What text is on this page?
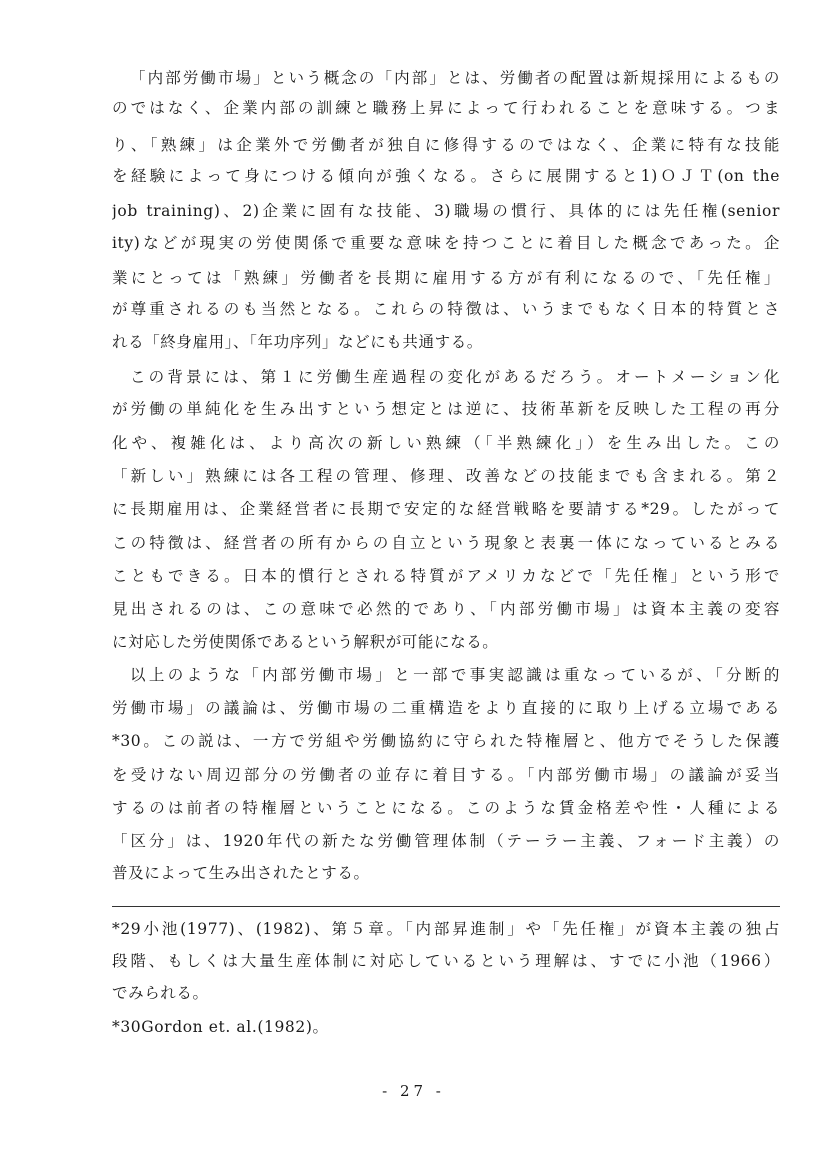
「内部労働市場」という概念の「内部」とは、労働者の配置は新規採用によるもの
のではなく、企業内部の訓練と職務上昇によって行われることを意味する。つま
り、「熟練」は企業外で労働者が独自に修得するのではなく、企業に特有な技能
を経験によって身につける傾向が強くなる。さらに展開すると1)ＯＪＴ(on the
job training)、2)企業に固有な技能、3)職場の慣行、具体的には先任権(senior
ity)などが現実の労使関係で重要な意味を持つことに着目した概念であった。企
業にとっては「熟練」労働者を長期に雇用する方が有利になるので、「先任権」
が尊重されるのも当然となる。これらの特徴は、いうまでもなく日本的特質とさ
れる「終身雇用」、「年功序列」などにも共通する。
この背景には、第１に労働生産過程の変化があるだろう。オートメーション化
が労働の単純化を生み出すという想定とは逆に、技術革新を反映した工程の再分
化や、複雑化は、より高次の新しい熟練（「半熟練化」）を生み出した。この
「新しい」熟練には各工程の管理、修理、改善などの技能までも含まれる。第２
に長期雇用は、企業経営者に長期で安定的な経営戦略を要請する*29。したがって
この特徴は、経営者の所有からの自立という現象と表裏一体になっているとみる
こともできる。日本的慣行とされる特質がアメリカなどで「先任権」という形で
見出されるのは、この意味で必然的であり、「内部労働市場」は資本主義の変容
に対応した労使関係であるという解釈が可能になる。
以上のような「内部労働市場」と一部で事実認識は重なっているが、「分断的
労働市場」の議論は、労働市場の二重構造をより直接的に取り上げる立場である
*30。この説は、一方で労組や労働協約に守られた特権層と、他方でそうした保護
を受けない周辺部分の労働者の並存に着目する。「内部労働市場」の議論が妥当
するのは前者の特権層ということになる。このような賃金格差や性・人種による
「区分」は、1920年代の新たな労働管理体制（テーラー主義、フォード主義）の
普及によって生み出されたとする。
*29小池(1977)、(1982)、第５章。「内部昇進制」や「先任権」が資本主義の独占
段階、もしくは大量生産体制に対応しているという理解は、すでに小池（1966）
でみられる。
*30Gordon et. al.(1982)。
- 27 -
